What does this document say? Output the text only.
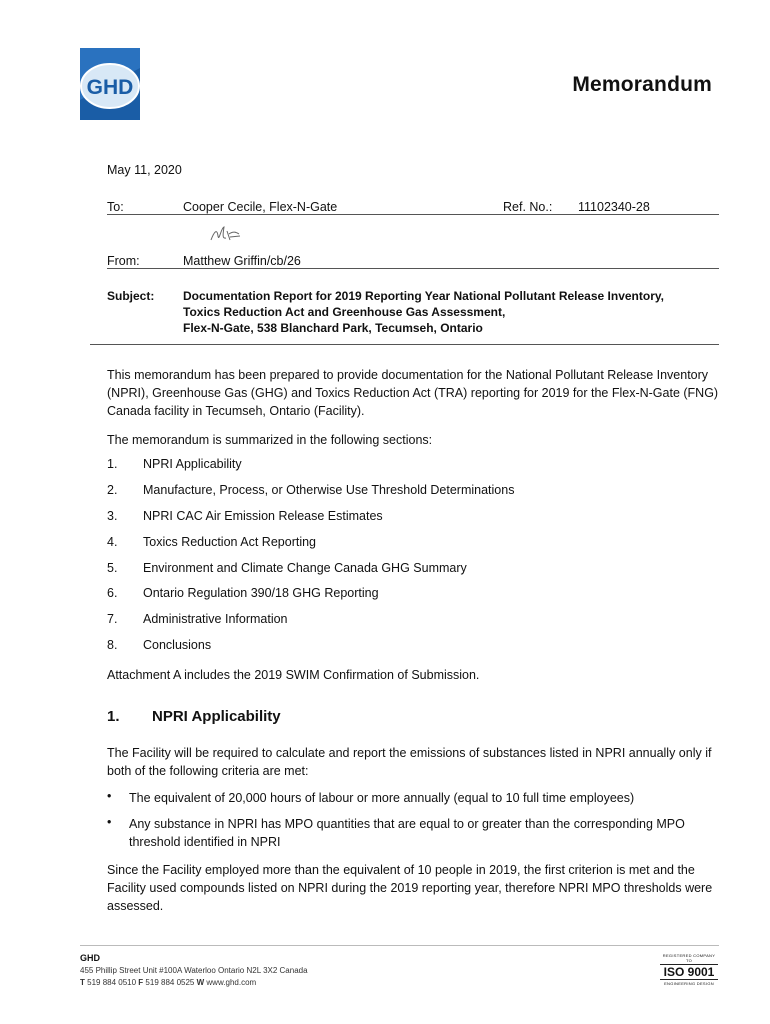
GHD	Memorandum
May 11, 2020
To:	Cooper Cecile, Flex-N-Gate	Ref. No.: 11102340-28
From:	Matthew Griffin/cb/26
Subject: Documentation Report for 2019 Reporting Year National Pollutant Release Inventory,
Toxics Reduction Act and Greenhouse Gas Assessment,
Flex-N-Gate, 538 Blanchard Park, Tecumseh, Ontario
This memorandum has been prepared to provide documentation for the National Pollutant Release Inventory (NPRI), Greenhouse Gas (GHG) and Toxics Reduction Act (TRA) reporting for 2019 for the Flex-N-Gate (FNG) Canada facility in Tecumseh, Ontario (Facility).
The memorandum is summarized in the following sections:
1. NPRI Applicability
2. Manufacture, Process, or Otherwise Use Threshold Determinations
3. NPRI CAC Air Emission Release Estimates
4. Toxics Reduction Act Reporting
5. Environment and Climate Change Canada GHG Summary
6. Ontario Regulation 390/18 GHG Reporting
7. Administrative Information
8. Conclusions
Attachment A includes the 2019 SWIM Confirmation of Submission.
1. NPRI Applicability
The Facility will be required to calculate and report the emissions of substances listed in NPRI annually only if both of the following criteria are met:
• The equivalent of 20,000 hours of labour or more annually (equal to 10 full time employees)
• Any substance in NPRI has MPO quantities that are equal to or greater than the corresponding MPO threshold identified in NPRI
Since the Facility employed more than the equivalent of 10 people in 2019, the first criterion is met and the Facility used compounds listed on NPRI during the 2019 reporting year, therefore NPRI MPO thresholds were assessed.
GHD
455 Phillip Street Unit #100A Waterloo Ontario N2L 3X2 Canada
T 519 884 0510 F 519 884 0525 W www.ghd.com
REGISTERED COMPANY TO
ISO 9001
ENGINEERING DESIGN
